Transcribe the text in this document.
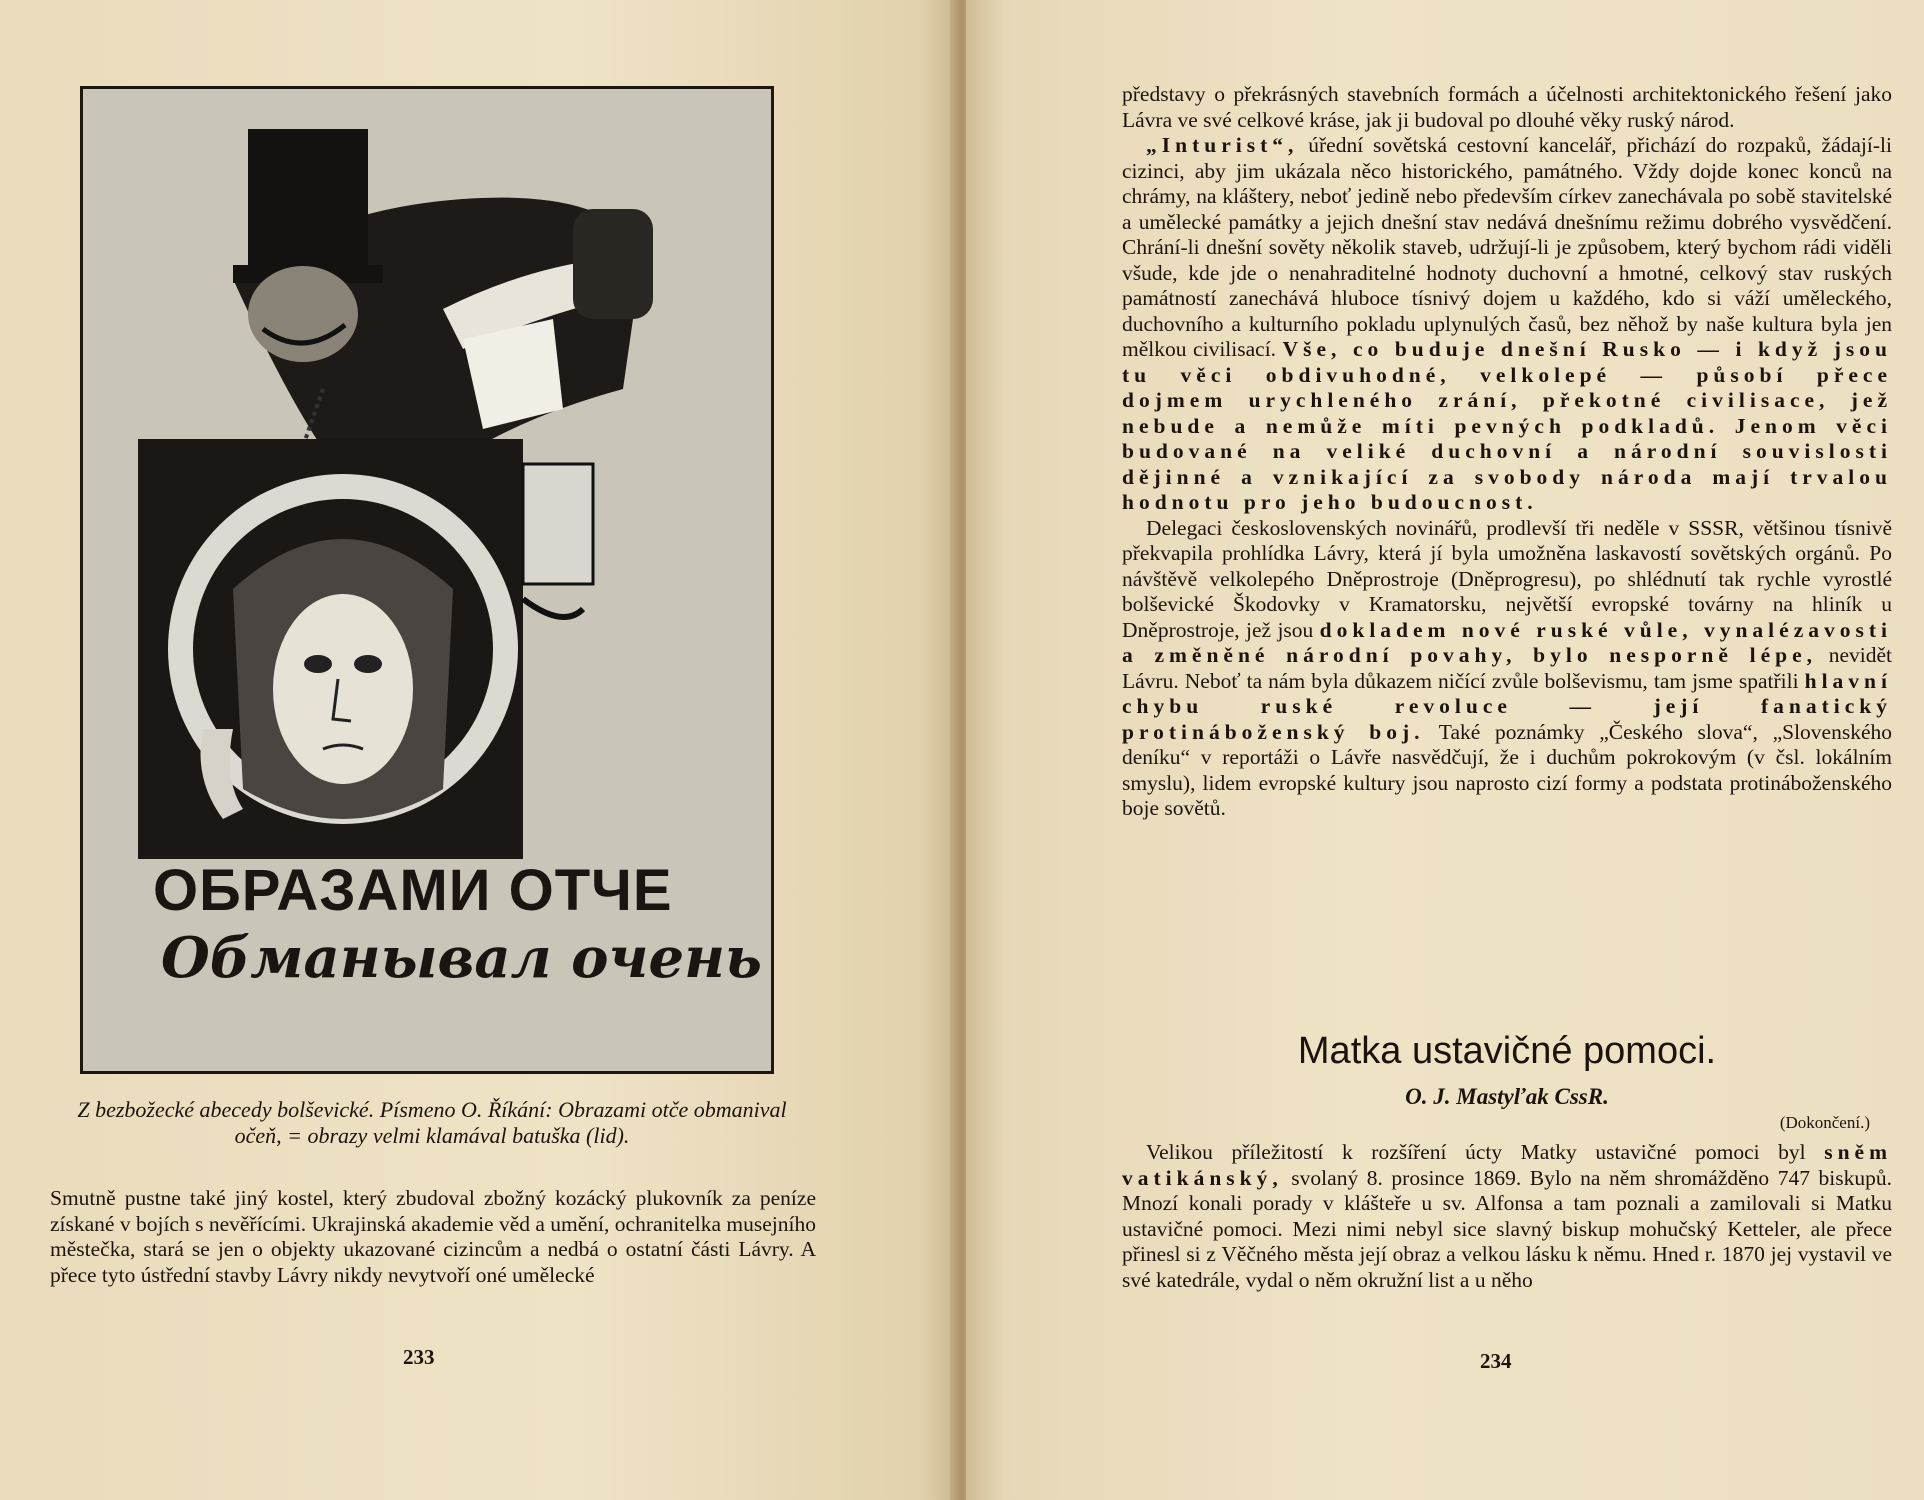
ОБРАЗАМИ ОТЧЕ
Обманывал очень
Z bezbožecké abecedy bolševické. Písmeno O. Říkání: Obrazami otče obmanival očeň, = obrazy velmi klamával batuška (lid).
Smutně pustne také jiný kostel, který zbudoval zbožný kozácký plukovník za peníze získané v bojích s nevěřícími. Ukrajinská akademie věd a umění, ochranitelka musejního městečka, stará se jen o objekty ukazované cizincům a nedbá o ostatní části Lávry. A přece tyto ústřední stavby Lávry nikdy nevytvoří oné umělecké
233

představy o překrásných stavebních formách a účelnosti architektonického řešení jako Lávra ve své celkové kráse, jak ji budoval po dlouhé věky ruský národ.

„Inturist“, úřední sovětská cestovní kancelář, přichází do rozpaků, žádají-li cizinci, aby jim ukázala něco historického, památného. Vždy dojde konec konců na chrámy, na kláštery, neboť jedině nebo především církev zanechávala po sobě stavitelské a umělecké památky a jejich dnešní stav nedává dnešnímu režimu dobrého vysvědčení. Chrání-li dnešní sověty několik staveb, udržují-li je způsobem, který bychom rádi viděli všude, kde jde o nenahraditelné hodnoty duchovní a hmotné, celkový stav ruských památností zanechává hluboce tísnivý dojem u každého, kdo si váží uměleckého, duchovního a kulturního pokladu uplynulých časů, bez něhož by naše kultura byla jen mělkou civilisací. Vše, co buduje dnešní Rusko — i když jsou tu věci obdivuhodné, velkolepé — působí přece dojmem urychleného zrání, překotné civilisace, jež nebude a nemůže míti pevných podkladů. Jenom věci budované na veliké duchovní a národní souvislosti dějinné a vznikající za svobody národa mají trvalou hodnotu pro jeho budoucnost.

Delegaci československých novinářů, prodlevší tři neděle v SSSR, většinou tísnivě překvapila prohlídka Lávry, která jí byla umožněna laskavostí sovětských orgánů. Po návštěvě velkolepého Dněprostroje (Dněprogresu), po shlédnutí tak rychle vyrostlé bolševické Škodovky v Kramatorsku, největší evropské továrny na hliník u Dněprostroje, jež jsou dokladem nové ruské vůle, vynalézavosti a změněné národní povahy, bylo nesporně lépe, nevidět Lávru. Neboť ta nám byla důkazem ničící zvůle bolševismu, tam jsme spatřili hlavní chybu ruské revoluce — její fanatický protináboženský boj. Také poznámky „Českého slova“, „Slovenského deníku“ v reportáži o Lávře nasvědčují, že i duchům pokrokovým (v čsl. lokálním smyslu), lidem evropské kultury jsou naprosto cizí formy a podstata protináboženského boje sovětů.

Matka ustavičné pomoci.
O. J. Mastyľak CssR.
(Dokončení.)
Velikou příležitostí k rozšíření úcty Matky ustavičné pomoci byl sněm vatikánský, svolaný 8. prosince 1869. Bylo na něm shromážděno 747 biskupů. Mnozí konali porady v klášteře u sv. Alfonsa a tam poznali a zamilovali si Matku ustavičné pomoci. Mezi nimi nebyl sice slavný biskup mohučský Ketteler, ale přece přinesl si z Věčného města její obraz a velkou lásku k němu. Hned r. 1870 jej vystavil ve své katedrále, vydal o něm okružní list a u něho
234
